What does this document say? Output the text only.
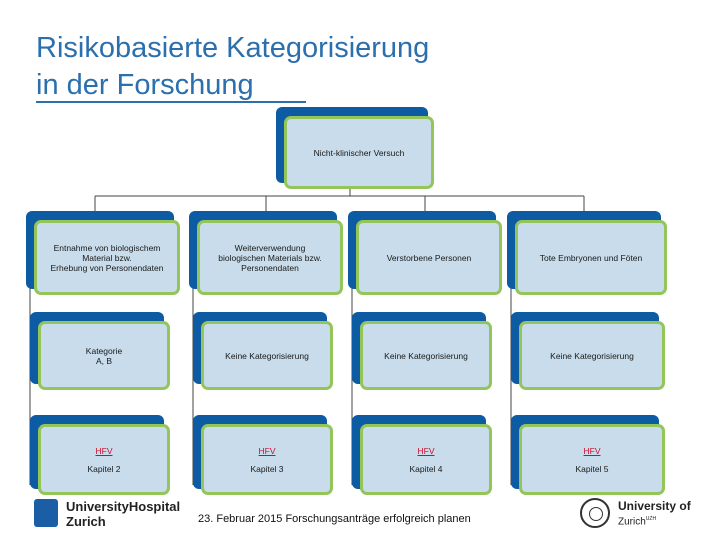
Risikobasierte Kategorisierung
in der Forschung
Nicht-klinischer Versuch
Entnahme von biologischem
Material bzw.
Erhebung von Personendaten
Weiterverwendung
biologischen Materials bzw.
Personendaten
Verstorbene Personen	Tote Embryonen und Föten
Kategorie
A, B	Keine Kategorisierung	Keine Kategorisierung	Keine Kategorisierung
HFV
Kapitel 2
HFV
Kapitel 3
HFV
Kapitel 4
HFV
Kapitel 5
UniversityHospital
Zurich	23. Februar 2015 Forschungsanträge erfolgreich planen
University of
Zurich$^{UZH}$
